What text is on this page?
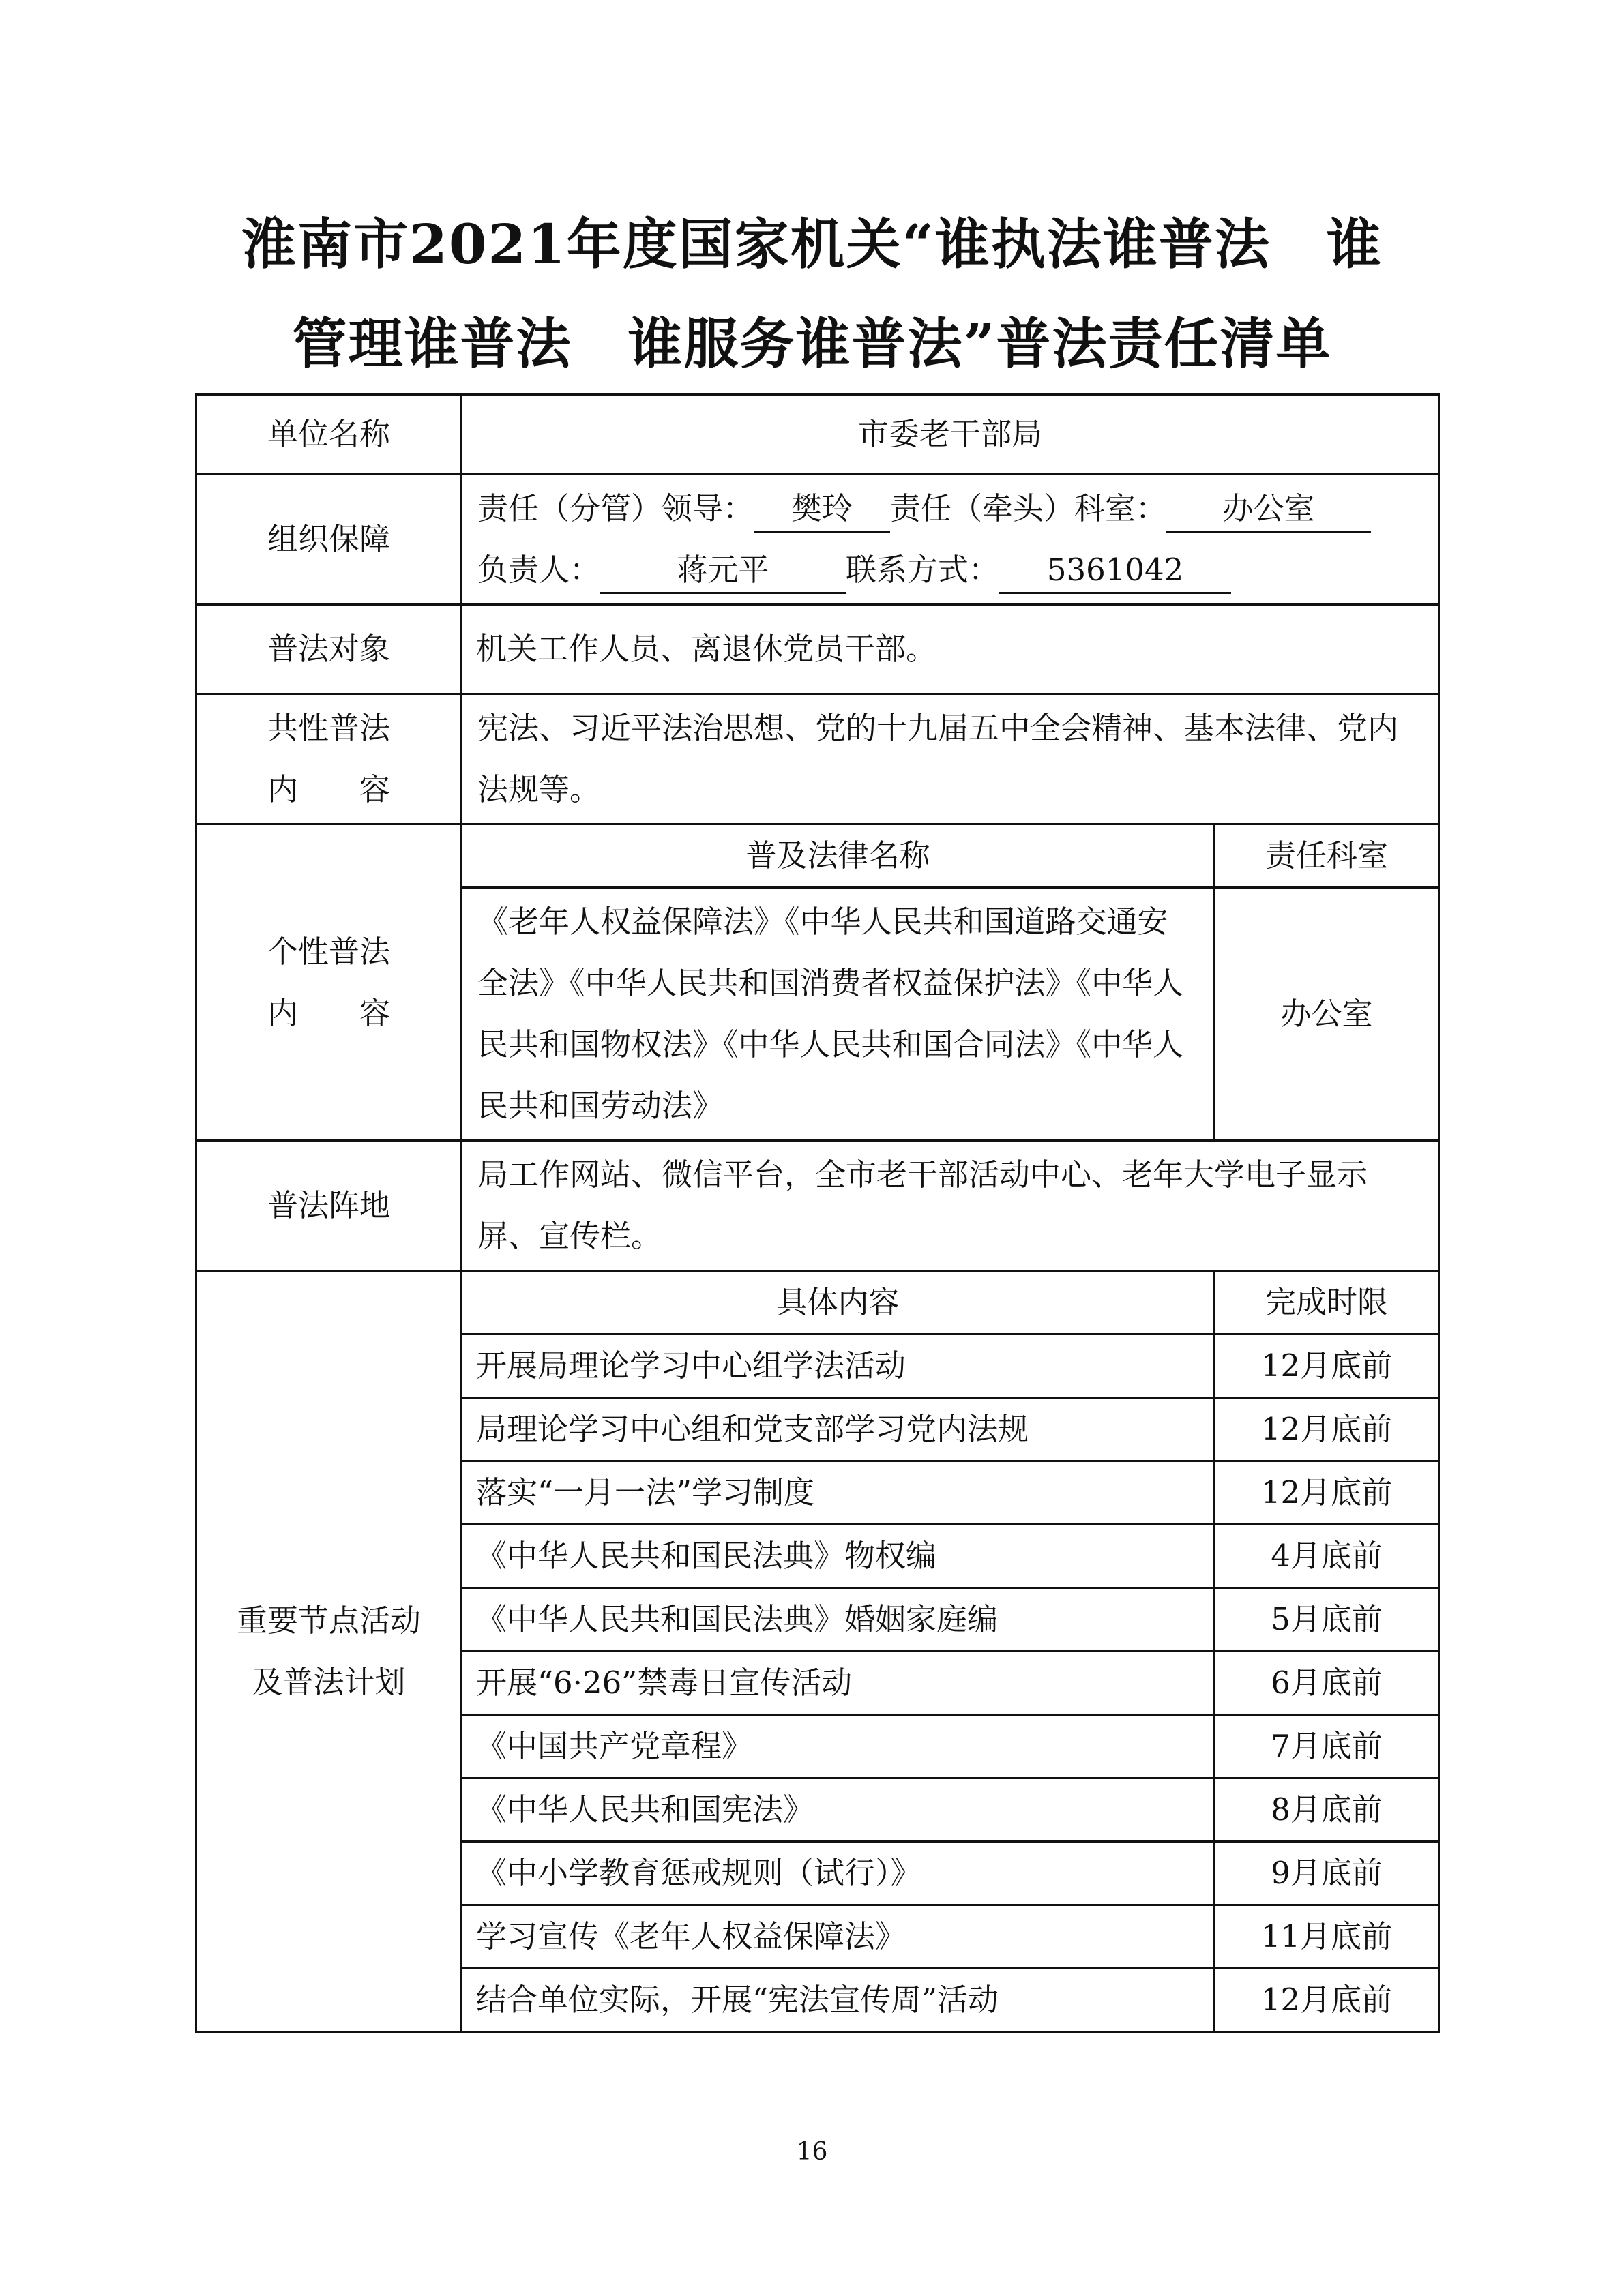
淮南市2021年度国家机关“谁执法谁普法　谁
管理谁普法　谁服务谁普法”普法责任清单
单位名称	市委老干部局	
组织保障	责任（分管）领导： 樊玲 责任（牵头）科室： 办公室
负责人： 蒋元平 联系方式： 5361042	

普法对象	机关工作人员、离退休党员干部。	
共性普法
内　　容	宪法、习近平法治思想、党的十九届五中全会精神、基本法律、党内法规等。	
个性普法
内　　容	普及法律名称	责任科室
	《老年人权益保障法》《中华人民共和国道路交通安全法》《中华人民共和国消费者权益保护法》《中华人民共和国物权法》《中华人民共和国合同法》《中华人民共和国劳动法》	办公室
普法阵地	局工作网站、微信平台，全市老干部活动中心、老年大学电子显示屏、宣传栏。	
重要节点活动
及普法计划	具体内容	完成时限
	开展局理论学习中心组学法活动	12月底前
	局理论学习中心组和党支部学习党内法规	12月底前
	落实“一月一法”学习制度	12月底前
	《中华人民共和国民法典》物权编	4月底前
	《中华人民共和国民法典》婚姻家庭编	5月底前
	开展“6·26”禁毒日宣传活动	6月底前
	《中国共产党章程》	7月底前
	《中华人民共和国宪法》	8月底前
	《中小学教育惩戒规则（试行）》	9月底前
	学习宣传《老年人权益保障法》	11月底前
	结合单位实际，开展“宪法宣传周”活动	12月底前
16
